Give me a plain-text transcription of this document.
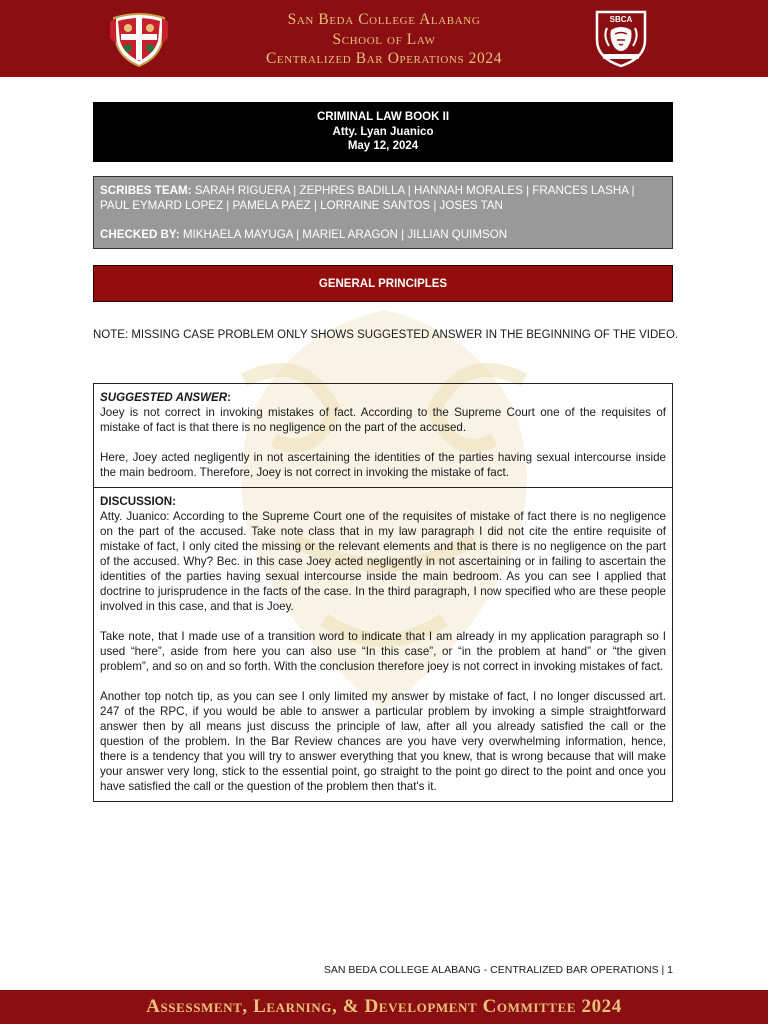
San Beda College Alabang
School of Law
Centralized Bar Operations 2024
SBCA
CRIMINAL LAW BOOK II
Atty. Lyan Juanico
May 12, 2024

SCRIBES TEAM: SARAH RIGUERA | ZEPHRES BADILLA | HANNAH MORALES | FRANCES LASHA | PAUL EYMARD LOPEZ | PAMELA PAEZ | LORRAINE SANTOS | JOSES TAN

CHECKED BY: MIKHAELA MAYUGA | MARIEL ARAGON | JILLIAN QUIMSON

GENERAL PRINCIPLES
NOTE: MISSING CASE PROBLEM ONLY SHOWS SUGGESTED ANSWER IN THE BEGINNING OF THE VIDEO.
SUGGESTED ANSWER:

Joey is not correct in invoking mistakes of fact. According to the Supreme Court one of the requisites of mistake of fact is that there is no negligence on the part of the accused.

Here, Joey acted negligently in not ascertaining the identities of the parties having sexual intercourse inside the main bedroom. Therefore, Joey is not correct in invoking the mistake of fact.

DISCUSSION:

Atty. Juanico: According to the Supreme Court one of the requisites of mistake of fact there is no negligence on the part of the accused. Take note class that in my law paragraph I did not cite the entire requisite of mistake of fact, I only cited the missing or the relevant elements and that is there is no negligence on the part of the accused. Why? Bec. in this case Joey acted negligently in not ascertaining or in failing to ascertain the identities of the parties having sexual intercourse inside the main bedroom. As you can see I applied that doctrine to jurisprudence in the facts of the case. In the third paragraph, I now specified who are these people involved in this case, and that is Joey.

Take note, that I made use of a transition word to indicate that I am already in my application paragraph so I used “here”, aside from here you can also use “In this case”, or “in the problem at hand” or “the given problem”, and so on and so forth. With the conclusion therefore joey is not correct in invoking mistakes of fact.

Another top notch tip, as you can see I only limited my answer by mistake of fact, I no longer discussed art. 247 of the RPC, if you would be able to answer a particular problem by invoking a simple straightforward answer then by all means just discuss the principle of law, after all you already satisfied the call or the question of the problem. In the Bar Review chances are you have very overwhelming information, hence, there is a tendency that you will try to answer everything that you knew, that is wrong because that will make your answer very long, stick to the essential point, go straight to the point go direct to the point and once you have satisfied the call or the question of the problem then that's it.

SAN BEDA COLLEGE ALABANG - CENTRALIZED BAR OPERATIONS | 1
Assessment, Learning, & Development Committee 2024
